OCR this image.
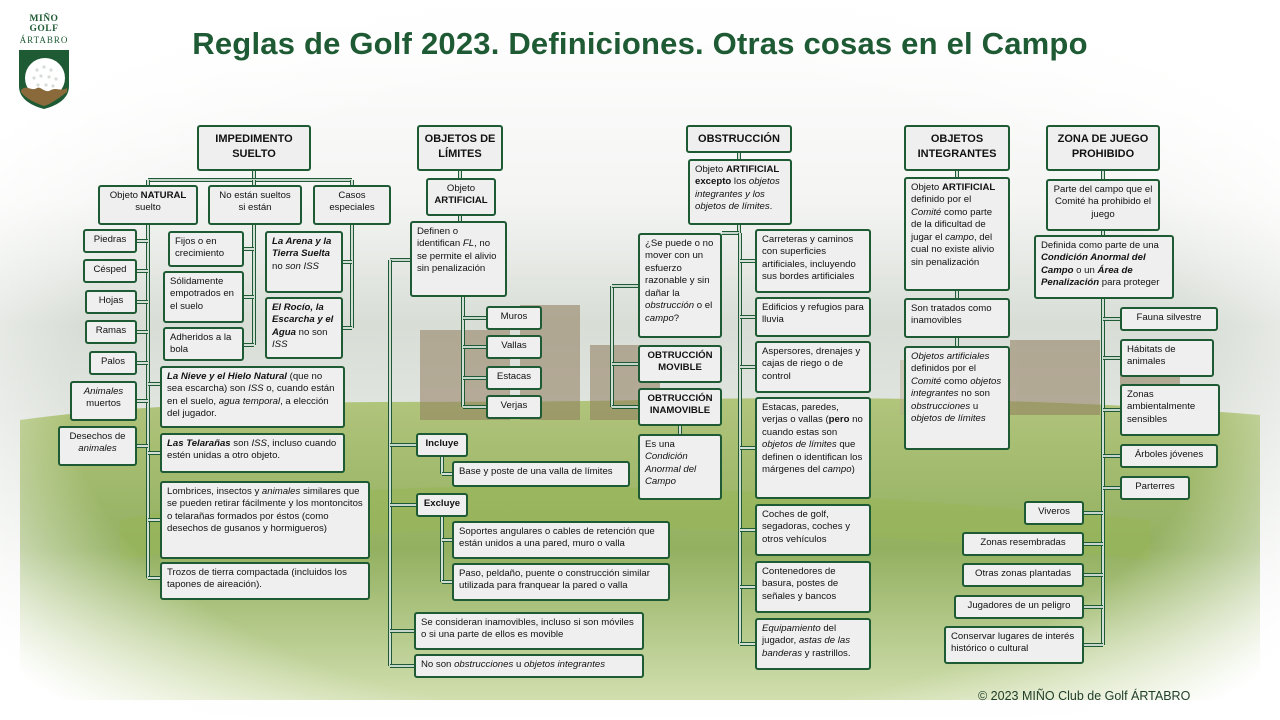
MIÑO GOLF
ÁRTABRO	Reglas de Golf 2023. Definiciones. Otras cosas en el Campo
IMPEDIMENTO SUELTO
Objeto NATURAL suelto
No están sueltos si están
Casos especiales
Piedras
Césped
Hojas
Ramas
Palos
Animales muertos
Desechos de animales
Fijos o en crecimiento
Sólidamente empotrados en el suelo
Adheridos a la bola
La Arena y la Tierra Suelta no son ISS
El Rocío, la Escarcha y el Agua no son ISS
La Nieve y el Hielo Natural (que no sea escarcha) son ISS o, cuando están en el suelo, agua temporal, a elección del jugador.
Las Telarañas son ISS, incluso cuando estén unidas a otro objeto.
Lombrices, insectos y animales similares que se pueden retirar fácilmente y los montoncitos o telarañas formados por éstos (como desechos de gusanos y hormigueros)
Trozos de tierra compactada (incluidos los tapones de aireación).
OBJETOS DE LÍMITES
Objeto ARTIFICIAL
Definen o identifican FL, no se permite el alivio sin penalización
Muros
Vallas
Estacas
Verjas
Incluye
Base y poste de una valla de límites
Excluye
Soportes angulares o cables de retención que están unidos a una pared, muro o valla
Paso, peldaño, puente o construcción similar utilizada para franquear la pared o valla
Se consideran inamovibles, incluso si son móviles o si una parte de ellos es movible
No son obstrucciones u objetos integrantes
OBSTRUCCIÓN
Objeto ARTIFICIAL excepto los objetos integrantes y los objetos de límites.
¿Se puede o no mover con un esfuerzo razonable y sin dañar la obstrucción o el campo?
OBTRUCCIÓN MOVIBLE
OBTRUCCIÓN INAMOVIBLE
Es una Condición Anormal del Campo
Carreteras y caminos con superficies artificiales, incluyendo sus bordes artificiales
Edificios y refugios para lluvia
Aspersores, drenajes y cajas de riego o de control
Estacas, paredes, verjas o vallas (pero no cuando estas son objetos de límites que definen o identifican los márgenes del campo)
Coches de golf, segadoras, coches y otros vehículos
Contenedores de basura, postes de señales y bancos
Equipamiento del jugador, astas de las banderas y rastrillos.
OBJETOS INTEGRANTES
Objeto ARTIFICIAL definido por el Comité como parte de la dificultad de jugar el campo, del cual no existe alivio sin penalización
Son tratados como inamovibles
Objetos artificiales definidos por el Comité como objetos integrantes no son obstrucciones u objetos de límites
ZONA DE JUEGO PROHIBIDO
Parte del campo que el Comité ha prohibido el juego
Definida como parte de una Condición Anormal del Campo o un Área de Penalización para proteger
Fauna silvestre
Hábitats de animales
Zonas ambientalmente sensibles
Árboles jóvenes
Parterres
Viveros
Zonas resembradas
Otras zonas plantadas
Jugadores de un peligro
Conservar lugares de interés histórico o cultural
© 2023 MIÑO Club de Golf ÁRTABRO
